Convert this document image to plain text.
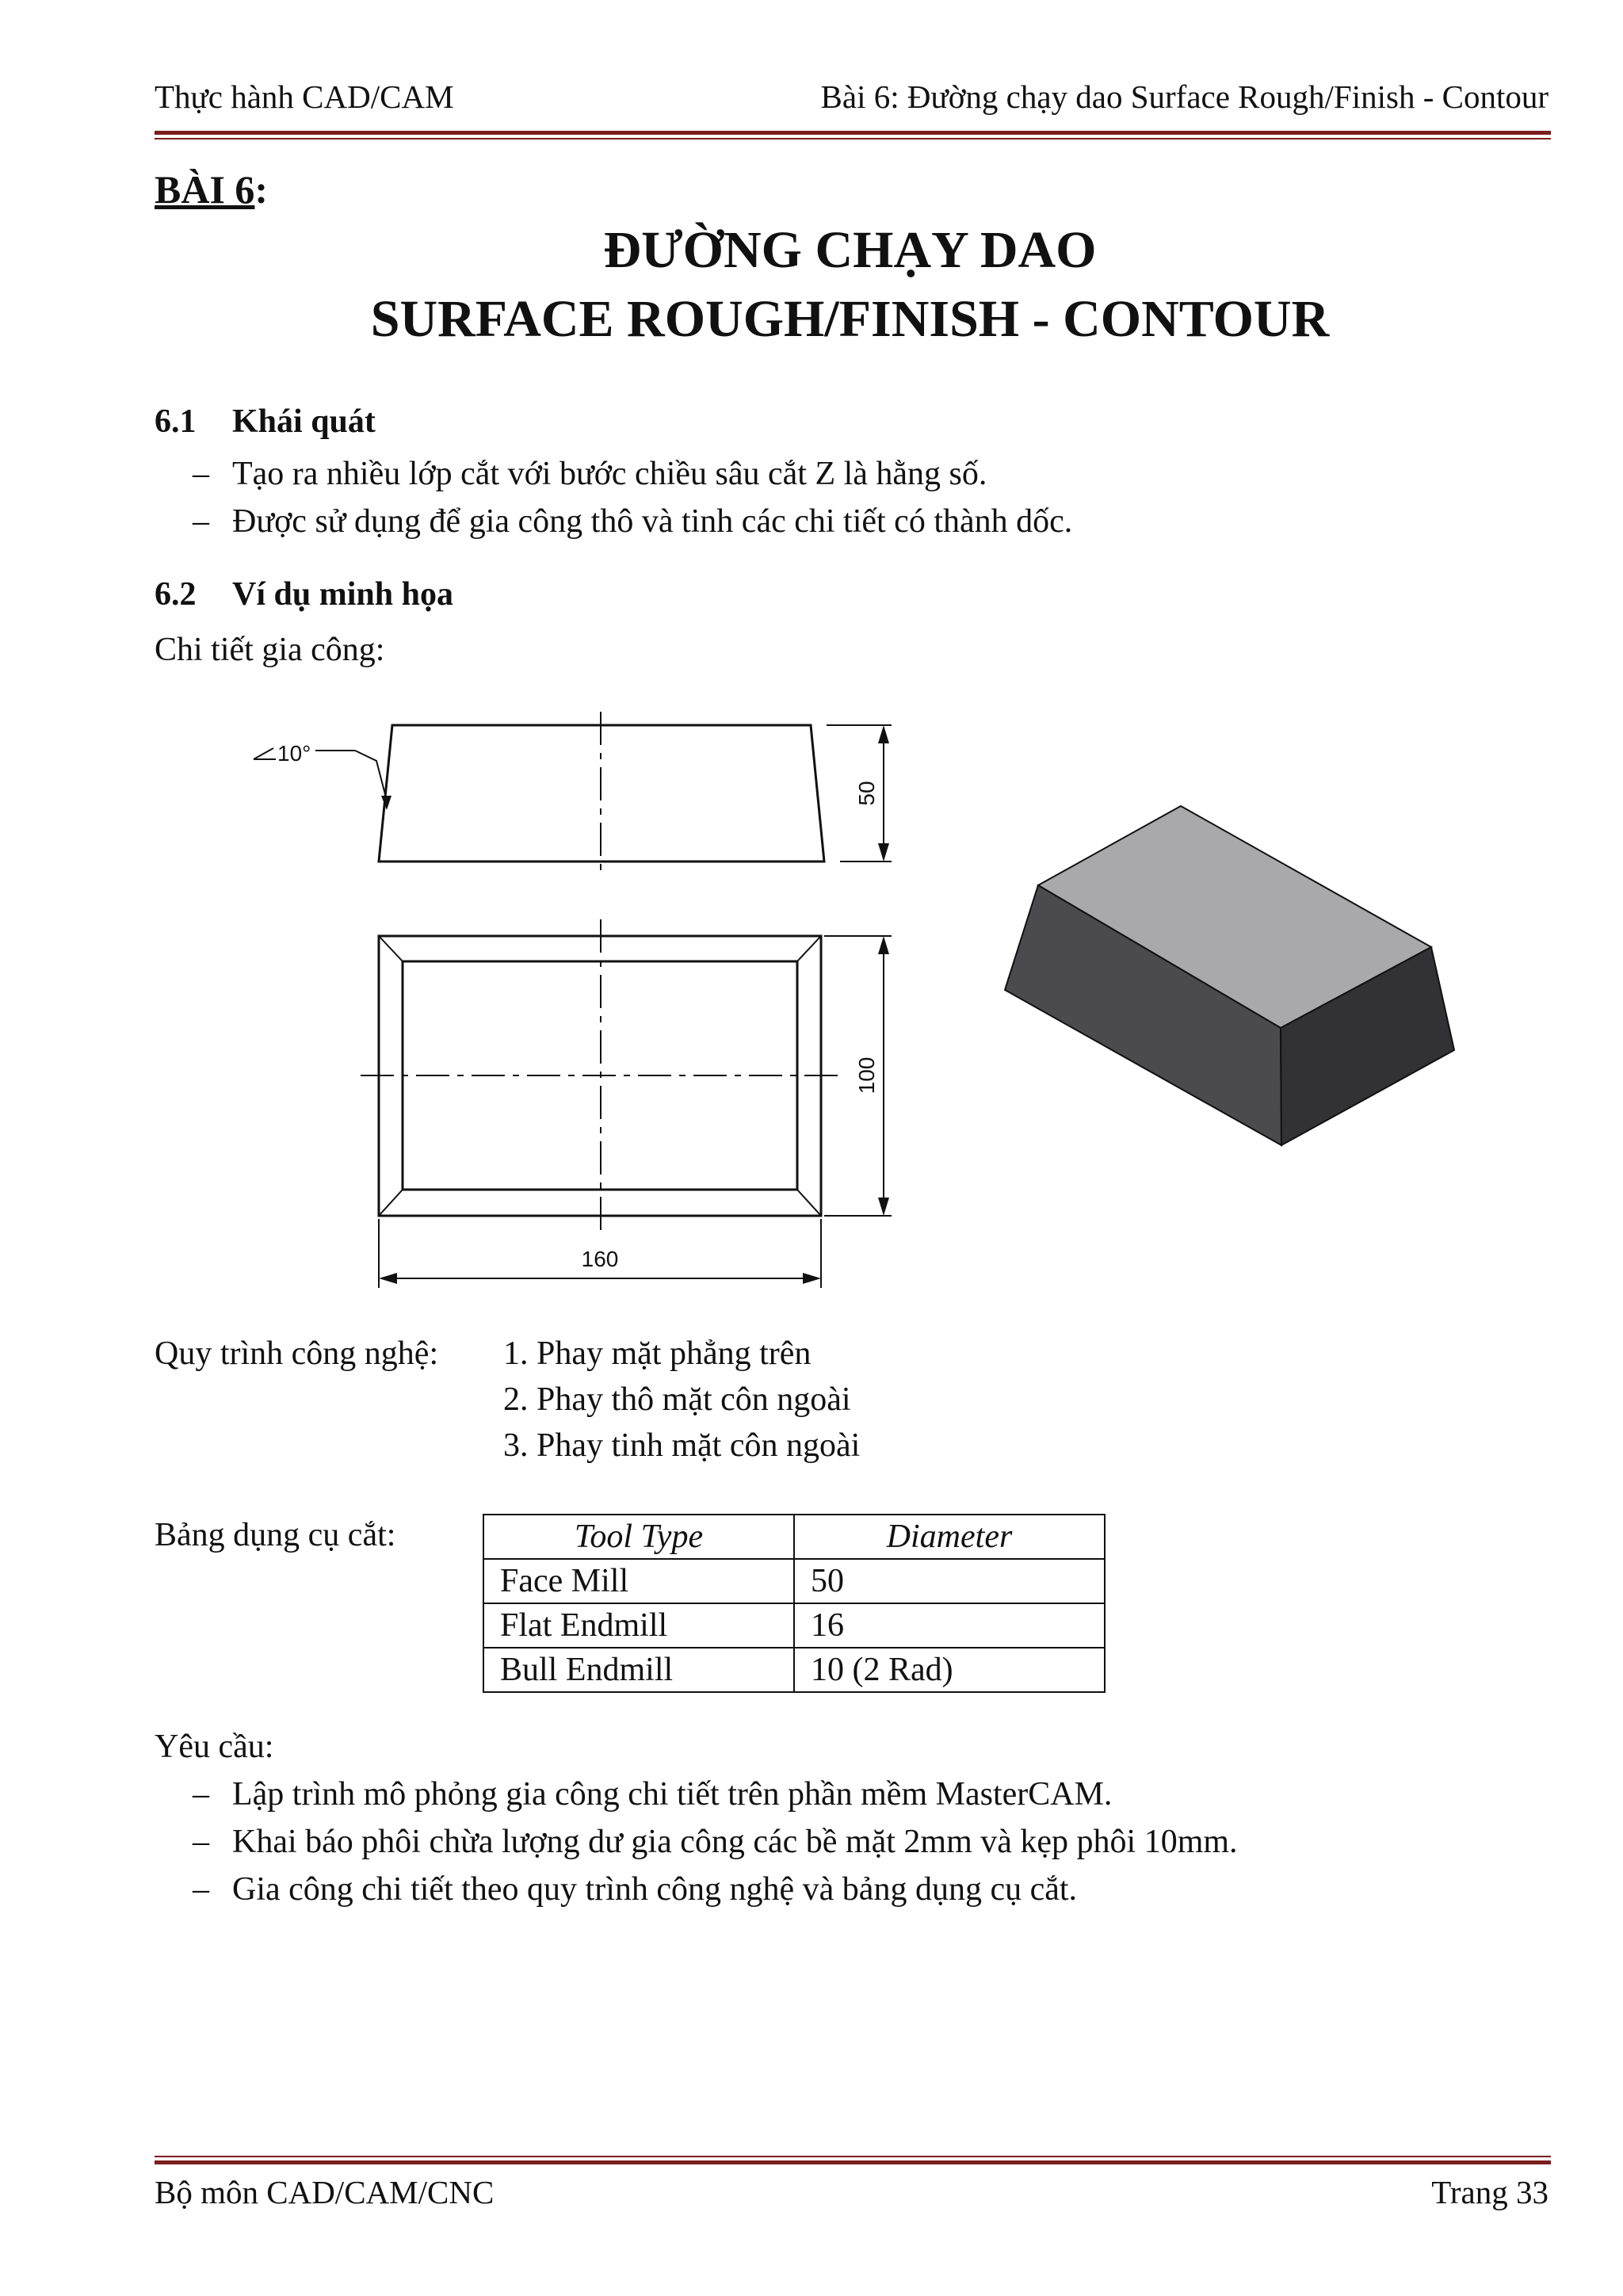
Thực hành CAD/CAM	Bài 6: Đường chạy dao Surface Rough/Finish - Contour
BÀI 6:
ĐƯỜNG CHẠY DAO
SURFACE ROUGH/FINISH - CONTOUR
6.1 Khái quát
– Tạo ra nhiều lớp cắt với bước chiều sâu cắt Z là hằng số.
– Được sử dụng để gia công thô và tinh các chi tiết có thành dốc.
6.2 Ví dụ minh họa
Chi tiết gia công:
10°
50
100
160
Quy trình công nghệ: 1. Phay mặt phẳng trên
2. Phay thô mặt côn ngoài
3. Phay tinh mặt côn ngoài
Bảng dụng cụ cắt:	Tool Type	Diameter
Face Mill	50
Flat Endmill	16
Bull Endmill	10 (2 Rad)
Yêu cầu:
– Lập trình mô phỏng gia công chi tiết trên phần mềm MasterCAM.
– Khai báo phôi chừa lượng dư gia công các bề mặt 2mm và kẹp phôi 10mm.
– Gia công chi tiết theo quy trình công nghệ và bảng dụng cụ cắt.
Bộ môn CAD/CAM/CNC	Trang 33
